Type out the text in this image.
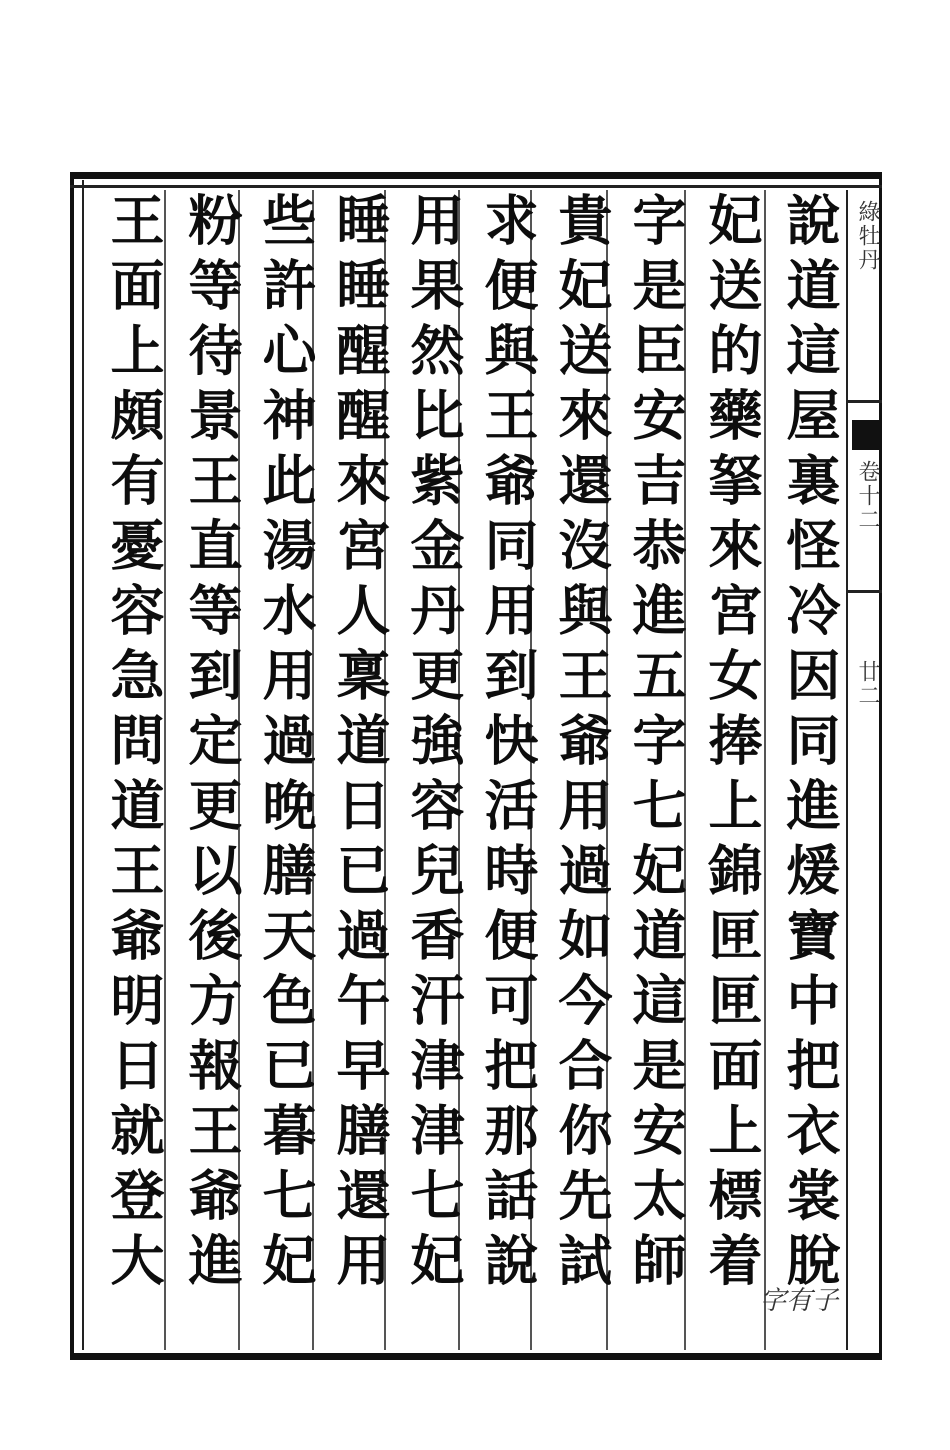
綠牡丹
卷十二
廿二
說道這屋裏怪冷因同進煖寶中把衣裳脫
妃送的藥拏來宮女捧上錦匣匣面上標着
字是臣安吉恭進五字七妃道這是安太師
貴妃送來還沒與王爺用過如今合你先試
求便與王爺同用到快活時便可把那話說
用果然比紫金丹更強容兒香汗津津七妃
睡睡醒醒來宮人稟道日已過午早膳還用
些許心神此湯水用過晚膳天色已暮七妃
粉等待景王直等到定更以後方報王爺進
王面上頗有憂容急問道王爺明日就登大
字有子
